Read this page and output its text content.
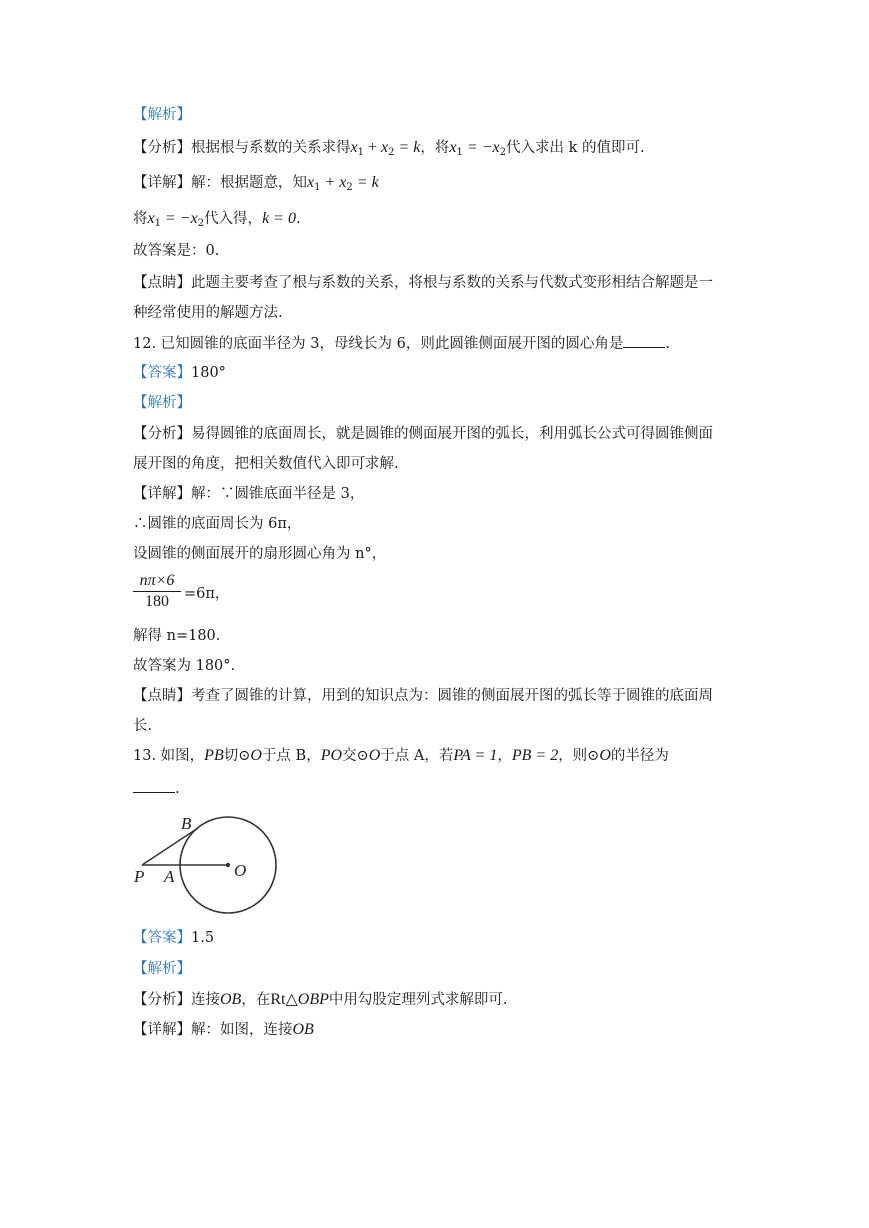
【解析】
【分析】根据根与系数的关系求得$x_1 + x_2 = k$，将$x_1 = -x_2$代入求出 k 的值即可.
【详解】解：根据题意，知$x_1 + x_2 = k$
将$x_1 = -x_2$代入得，k = 0.
故答案是：0.
【点睛】此题主要考查了根与系数的关系，将根与系数的关系与代数式变形相结合解题是一
种经常使用的解题方法.
12. 已知圆锥的底面半径为 3，母线长为 6，则此圆锥侧面展开图的圆心角是	.
【答案】180°
【解析】
【分析】易得圆锥的底面周长，就是圆锥的侧面展开图的弧长，利用弧长公式可得圆锥侧面
展开图的角度，把相关数值代入即可求解.
【详解】解：∵圆锥底面半径是 3，
∴圆锥的底面周长为 6π，
设圆锥的侧面展开的扇形圆心角为 n°，
nπ×6
180	=6π，
解得 n=180.
故答案为 180°.
【点睛】考查了圆锥的计算，用到的知识点为：圆锥的侧面展开图的弧长等于圆锥的底面周
长.
13. 如图，PB切⊙O于点 B，PO交⊙O于点 A，若PA = 1，PB = 2，则⊙O的半径为
.
P A
B
O
【答案】1.5
【解析】
【分析】连接OB，在Rt△OBP中用勾股定理列式求解即可.
【详解】解：如图，连接OB
